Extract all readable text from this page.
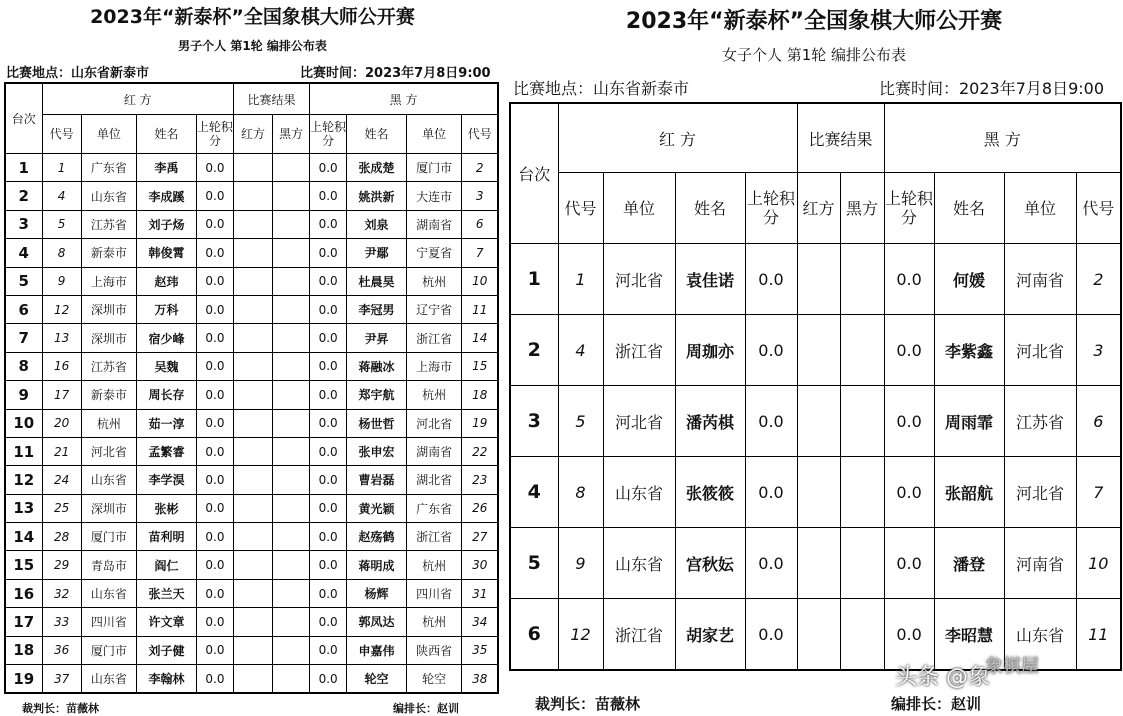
2023年“新泰杯”全国象棋大师公开赛
男子个人 第1轮 编排公布表
比赛地点：山东省新泰市	比赛时间：2023年7月8日9:00
台次	红 方				比赛结果		黑 方			
	代号	单位	姓名	上轮积分	红方	黑方	上轮积分	姓名	单位	代号
1	1	广东省	李禹	0.0			0.0	张成楚	厦门市	2
2	4	山东省	李成蹊	0.0			0.0	姚洪新	大连市	3
3	5	江苏省	刘子炀	0.0			0.0	刘泉	湖南省	6
4	8	新泰市	韩俊霄	0.0			0.0	尹鄢	宁夏省	7
5	9	上海市	赵玮	0.0			0.0	杜晨昊	杭州	10
6	12	深圳市	万科	0.0			0.0	李冠男	辽宁省	11
7	13	深圳市	宿少峰	0.0			0.0	尹昇	浙江省	14
8	16	江苏省	吴魏	0.0			0.0	蒋融冰	上海市	15
9	17	新泰市	周长存	0.0			0.0	郑宇航	杭州	18
10	20	杭州	茹一淳	0.0			0.0	杨世哲	河北省	19
11	21	河北省	孟繁睿	0.0			0.0	张申宏	湖南省	22
12	24	山东省	李学淏	0.0			0.0	曹岩磊	湖北省	23
13	25	深圳市	张彬	0.0			0.0	黄光颖	广东省	26
14	28	厦门市	苗利明	0.0			0.0	赵殇鹤	浙江省	27
15	29	青岛市	阎仁	0.0			0.0	蒋明成	杭州	30
16	32	山东省	张兰天	0.0			0.0	杨辉	四川省	31
17	33	四川省	许文章	0.0			0.0	郭凤达	杭州	34
18	36	厦门市	刘子健	0.0			0.0	申嘉伟	陕西省	35
19	37	山东省	李翰林	0.0			0.0	轮空	轮空	38
裁判长：苗薇林	编排长：赵训
2023年“新泰杯”全国象棋大师公开赛
女子个人 第1轮 编排公布表
比赛地点：山东省新泰市	比赛时间：2023年7月8日9:00
台次	红 方				比赛结果		黑 方			
	代号	单位	姓名	上轮积分	红方	黑方	上轮积分	姓名	单位	代号
1	1	河北省	袁佳诺	0.0			0.0	何媛	河南省	2
2	4	浙江省	周珈亦	0.0			0.0	李紫鑫	河北省	3
3	5	河北省	潘芮棋	0.0			0.0	周雨霏	江苏省	6
4	8	山东省	张筱筱	0.0			0.0	张韶航	河北省	7
5	9	山东省	宫秋妘	0.0			0.0	潘登	河南省	10
6	12	浙江省	胡家艺	0.0			0.0	李昭慧	山东省	11
裁判长：苗薇林	编排长：赵训
头条 @象
象棋屋
